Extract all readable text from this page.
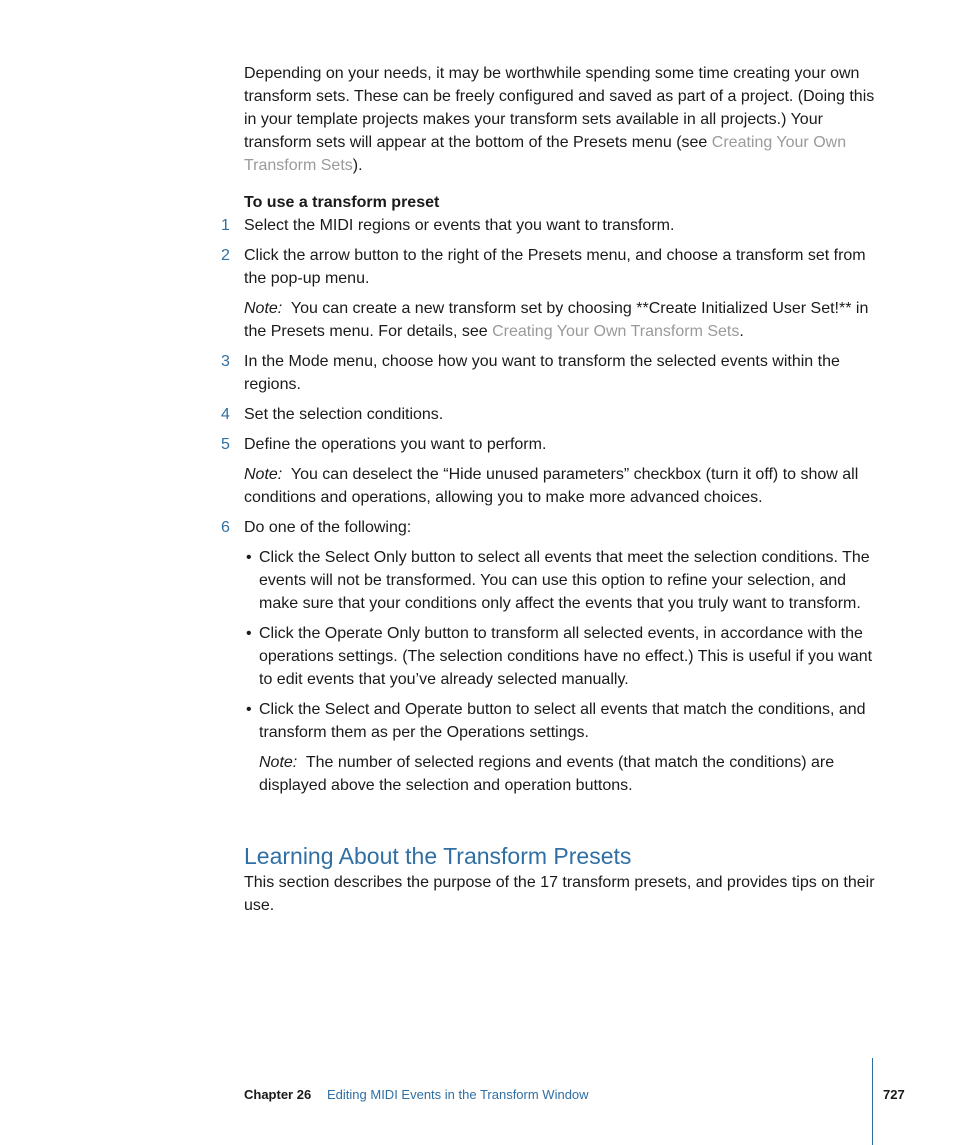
Depending on your needs, it may be worthwhile spending some time creating your own transform sets. These can be freely configured and saved as part of a project. (Doing this in your template projects makes your transform sets available in all projects.) Your transform sets will appear at the bottom of the Presets menu (see Creating Your Own Transform Sets).

To use a transform preset

1 Select the MIDI regions or events that you want to transform.

2 Click the arrow button to the right of the Presets menu, and choose a transform set from the pop-up menu.

Note: You can create a new transform set by choosing **Create Initialized User Set!** in the Presets menu. For details, see Creating Your Own Transform Sets.

3 In the Mode menu, choose how you want to transform the selected events within the regions.

4 Set the selection conditions.

5 Define the operations you want to perform.

Note: You can deselect the “Hide unused parameters” checkbox (turn it off) to show all conditions and operations, allowing you to make more advanced choices.

6 Do one of the following:

• Click the Select Only button to select all events that meet the selection conditions. The events will not be transformed. You can use this option to refine your selection, and make sure that your conditions only affect the events that you truly want to transform.

• Click the Operate Only button to transform all selected events, in accordance with the operations settings. (The selection conditions have no effect.) This is useful if you want to edit events that you’ve already selected manually.

• Click the Select and Operate button to select all events that match the conditions, and transform them as per the Operations settings.

Note: The number of selected regions and events (that match the conditions) are displayed above the selection and operation buttons.

Learning About the Transform Presets

This section describes the purpose of the 17 transform presets, and provides tips on their use.

Chapter 26 Editing MIDI Events in the Transform Window	727
